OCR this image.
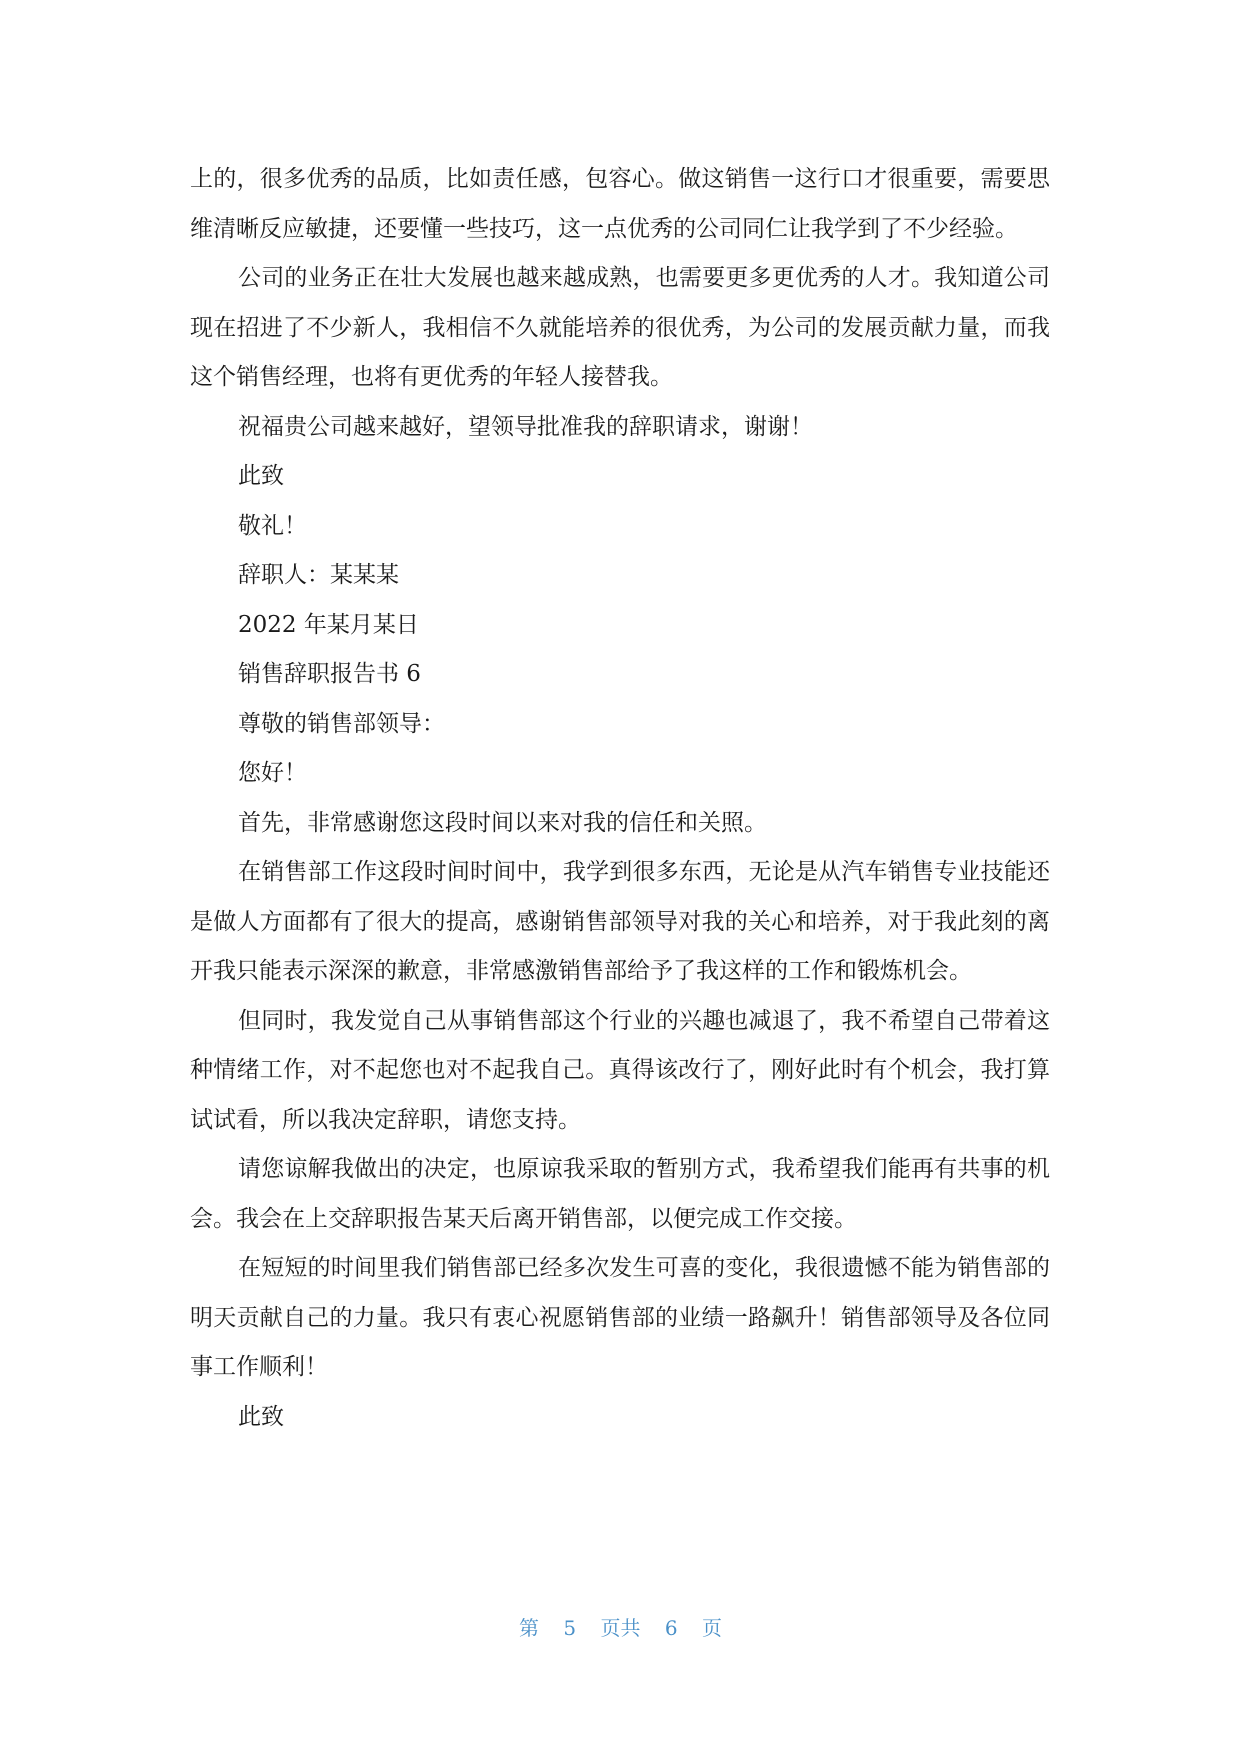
上的，很多优秀的品质，比如责任感，包容心。做这销售一这行口才很重要，需要思维清晰反应敏捷，还要懂一些技巧，这一点优秀的公司同仁让我学到了不少经验。

公司的业务正在壮大发展也越来越成熟，也需要更多更优秀的人才。我知道公司现在招进了不少新人，我相信不久就能培养的很优秀，为公司的发展贡献力量，而我这个销售经理，也将有更优秀的年轻人接替我。

祝福贵公司越来越好，望领导批准我的辞职请求，谢谢！

此致

敬礼！

辞职人：某某某

2022 年某月某日

销售辞职报告书 6

尊敬的销售部领导：

您好！

首先，非常感谢您这段时间以来对我的信任和关照。

在销售部工作这段时间时间中，我学到很多东西，无论是从汽车销售专业技能还是做人方面都有了很大的提高，感谢销售部领导对我的关心和培养，对于我此刻的离开我只能表示深深的歉意，非常感激销售部给予了我这样的工作和锻炼机会。

但同时，我发觉自己从事销售部这个行业的兴趣也减退了，我不希望自己带着这种情绪工作，对不起您也对不起我自己。真得该改行了，刚好此时有个机会，我打算试试看，所以我决定辞职，请您支持。

请您谅解我做出的决定，也原谅我采取的暂别方式，我希望我们能再有共事的机会。我会在上交辞职报告某天后离开销售部，以便完成工作交接。

在短短的时间里我们销售部已经多次发生可喜的变化，我很遗憾不能为销售部的明天贡献自己的力量。我只有衷心祝愿销售部的业绩一路飙升！销售部领导及各位同事工作顺利！

此致

第 5 页共 6 页
